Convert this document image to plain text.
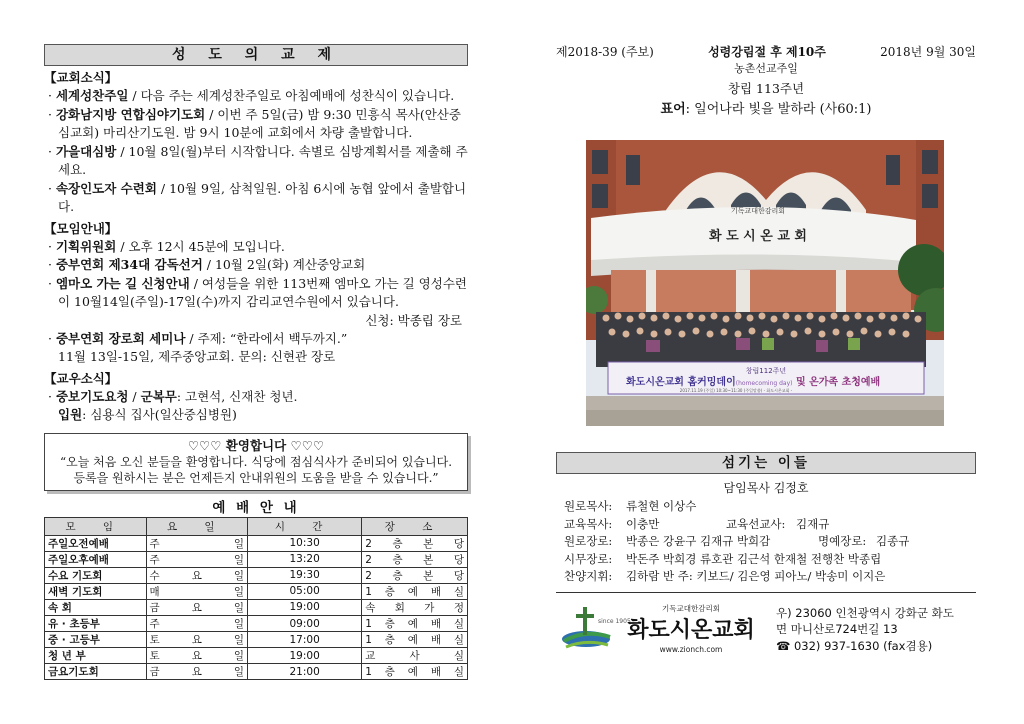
성 도 의 교 제
【교회소식】
· 세계성찬주일 / 다음 주는 세계성찬주일로 아침예배에 성찬식이 있습니다.
· 강화남지방 연합심야기도회 / 이번 주 5일(금) 밤 9:30 민흥식 목사(안산중심교회) 마리산기도원. 밤 9시 10분에 교회에서 차량 출발합니다.
· 가을대심방 / 10월 8일(월)부터 시작합니다. 속별로 심방계획서를 제출해 주세요.
· 속장인도자 수련회 / 10월 9일, 삼척일원. 아침 6시에 농협 앞에서 출발합니다.
【모임안내】
· 기획위원회 / 오후 12시 45분에 모입니다.
· 중부연회 제34대 감독선거 / 10월 2일(화) 계산중앙교회
· 엠마오 가는 길 신청안내 / 여성들을 위한 113번째 엠마오 가는 길 영성수련이 10월14일(주일)-17일(수)까지 감리교연수원에서 있습니다.
신청: 박종립 장로
· 중부연회 장로회 세미나 / 주제: “한라에서 백두까지.”
11월 13일-15일, 제주중앙교회. 문의: 신현관 장로
【교우소식】
· 중보기도요청 / 군복무: 고현석, 신재찬 청년.
입원: 심용식 집사(일산중심병원)
♡♡♡ 환영합니다 ♡♡♡
“오늘 처음 오신 분들을 환영합니다. 식당에 점심식사가 준비되어 있습니다.
등록을 원하시는 분은 언제든지 안내위원의 도움을 받을 수 있습니다.”
예 배 안 내
모 임	요 일	시 간	장 소
주일오전예배	주 일	10:30	2 층 본 당
주일오후예배	주 일	13:20	2 층 본 당
수요 기도회	수 요 일	19:30	2 층 본 당
새벽 기도회	매 일	05:00	1 층 예 배 실
속 회	금 요 일	19:00	속 회 가 정
유 · 초등부	주 일	09:00	1 층 예 배 실
중 · 고등부	토 요 일	17:00	1 층 예 배 실
청 년 부	토 요 일	19:00	교 사 실
금요기도회	금 요 일	21:00	1 층 예 배 실
제2018-39 (주보)	성령강림절 후 제10주	2018년 9월 30일
농촌선교주일
창립 113주년
표어: 일어나라 빛을 발하라 (사60:1)
기독교대한감리회
화 도 시 온 교 회
창립112주년
화도시온교회 홈커밍데이(homecoming day) 및 온가족 초청예배
2017.11.19 (주일) 10:30~11:30 (주일말씀) - 화도시온교회 -
섬기는 이들
담임목사 김정호
원로목사: 류철현 이상수
교육목사: 이충만	교육선교사: 김재규
원로장로: 박종은 강윤구 김재규 박희감	명예장로: 김종규
시무장로: 박돈주 박희경 류호관 김근석 한재철 전행찬 박종립
찬양지휘: 김하람 반 주: 키보드/ 김은영 피아노/ 박송미 이지은
since 1905
기독교대한감리회
화도시온교회
www.zionch.com
우) 23060 인천광역시 강화군 화도
면 마니산로724번길 13
☎ 032) 937-1630 (fax겸용)
